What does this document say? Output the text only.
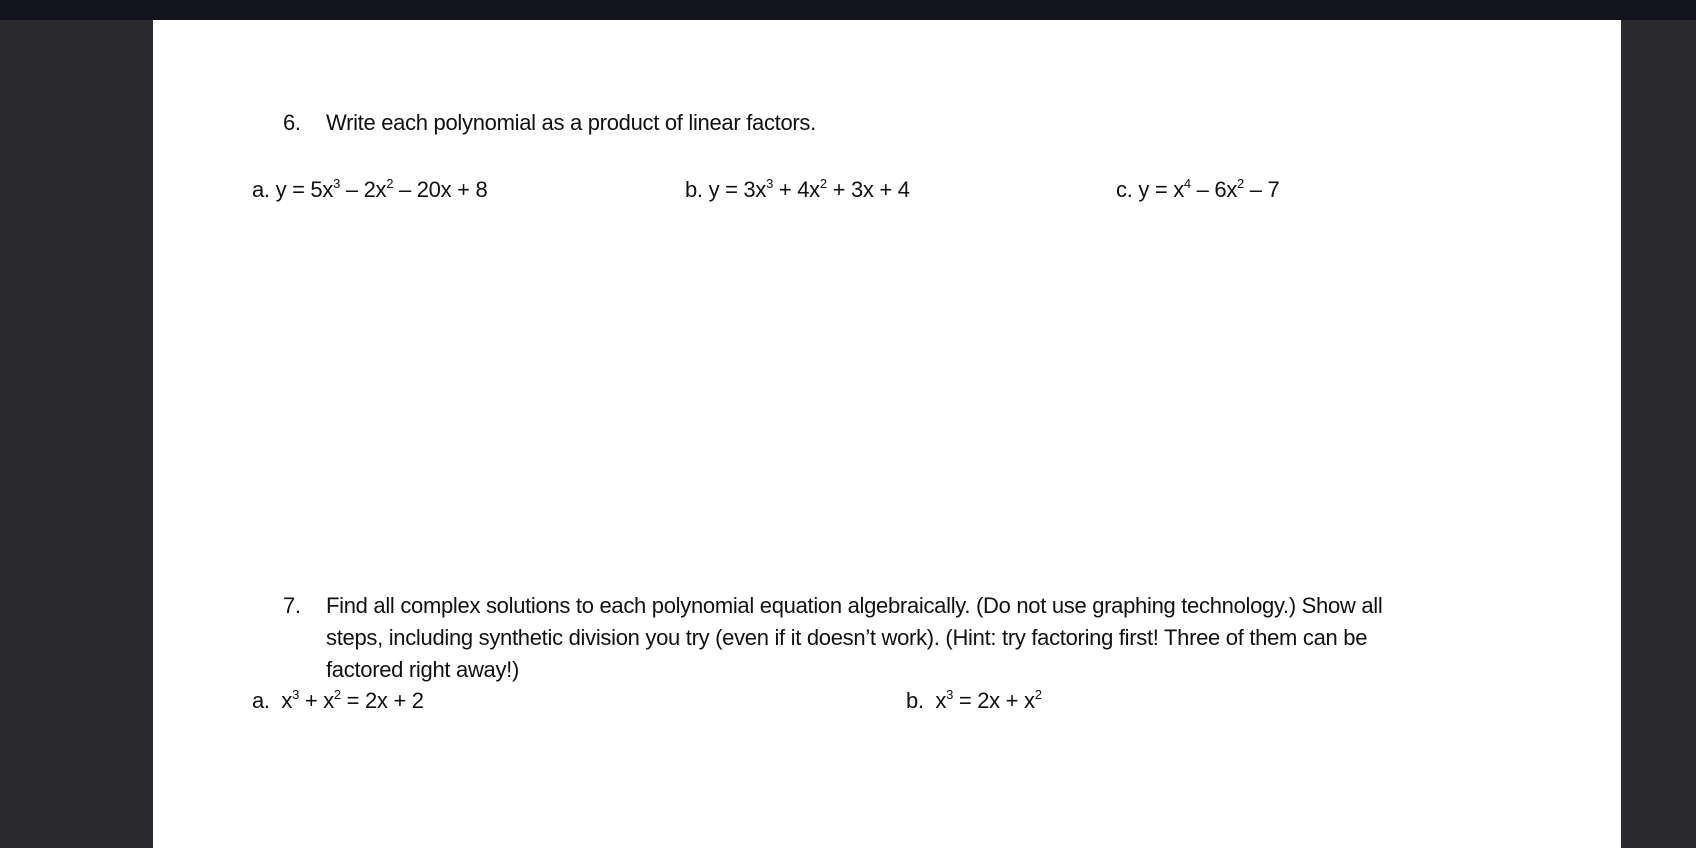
6. Write each polynomial as a product of linear factors.
a. $y = 5x^3 - 2x^2 - 20x + 8$	b. $y = 3x^3 + 4x^2 + 3x + 4$	c. $y = x^4 - 6x^2 - 7$
7. Find all complex solutions to each polynomial equation algebraically. (Do not use graphing technology.) Show all
steps, including synthetic division you try (even if it doesn’t work). (Hint: try factoring first! Three of them can be
factored right away!)
a. $x^3 + x^2 = 2x + 2$	b. $x^3 = 2x + x^2$
